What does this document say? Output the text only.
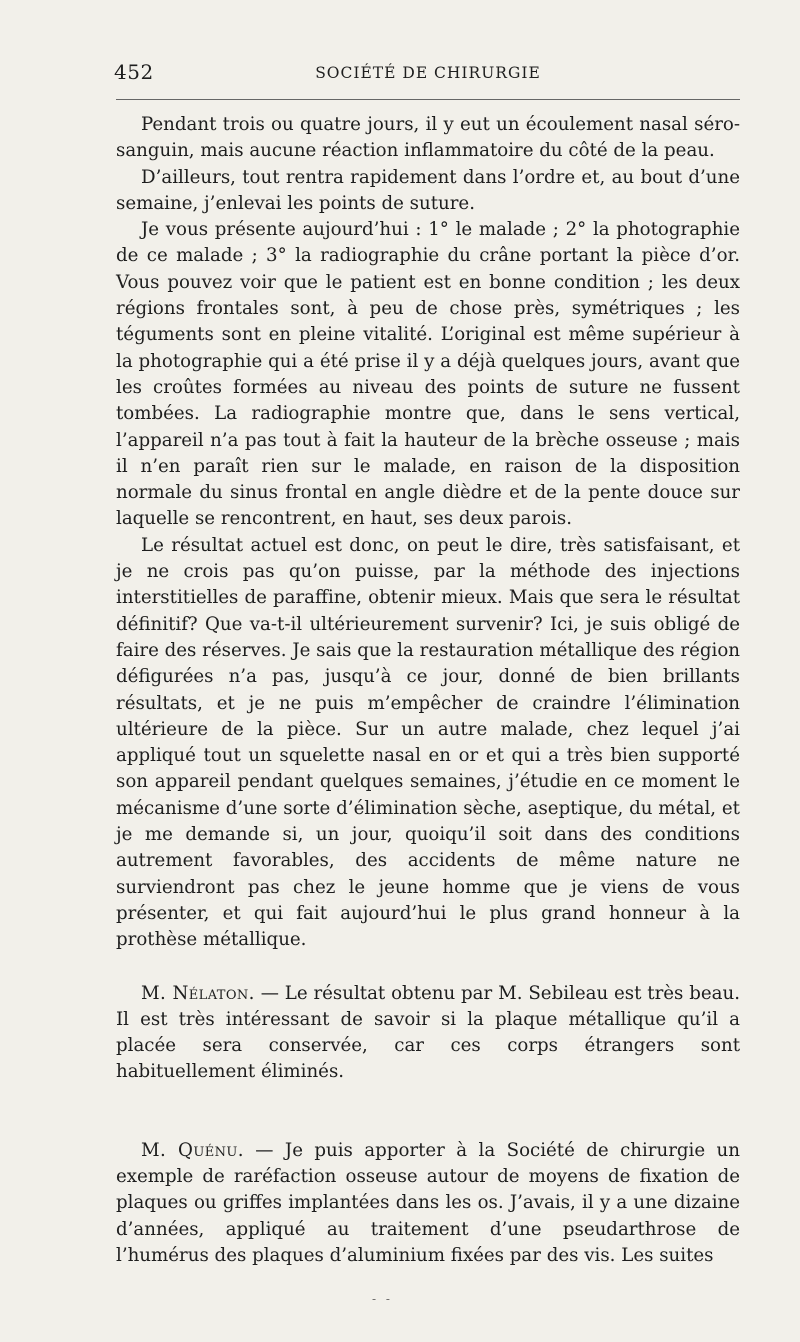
452	SOCIÉTÉ DE CHIRURGIE

Pendant trois ou quatre jours, il y eut un écoulement nasal séro-sanguin, mais aucune réaction inflammatoire du côté de la peau.

D’ailleurs, tout rentra rapidement dans l’ordre et, au bout d’une semaine, j’enlevai les points de suture.

Je vous présente aujourd’hui : 1° le malade ; 2° la photographie de ce malade ; 3° la radiographie du crâne portant la pièce d’or. Vous pouvez voir que le patient est en bonne condition ; les deux régions frontales sont, à peu de chose près, symétriques ; les téguments sont en pleine vitalité. L’original est même supérieur à la photographie qui a été prise il y a déjà quelques jours, avant que les croûtes formées au niveau des points de suture ne fussent tombées. La radiographie montre que, dans le sens vertical, l’appareil n’a pas tout à fait la hauteur de la brèche osseuse ; mais il n’en paraît rien sur le malade, en raison de la disposition normale du sinus frontal en angle dièdre et de la pente douce sur laquelle se rencontrent, en haut, ses deux parois.

Le résultat actuel est donc, on peut le dire, très satisfaisant, et je ne crois pas qu’on puisse, par la méthode des injections interstitielles de paraffine, obtenir mieux. Mais que sera le résultat définitif? Que va-t-il ultérieurement survenir? Ici, je suis obligé de faire des réserves. Je sais que la restauration métallique des région défigurées n’a pas, jusqu’à ce jour, donné de bien brillants résultats, et je ne puis m’empêcher de craindre l’élimination ultérieure de la pièce. Sur un autre malade, chez lequel j’ai appliqué tout un squelette nasal en or et qui a très bien supporté son appareil pendant quelques semaines, j’étudie en ce moment le mécanisme d’une sorte d’élimination sèche, aseptique, du métal, et je me demande si, un jour, quoiqu’il soit dans des conditions autrement favorables, des accidents de même nature ne surviendront pas chez le jeune homme que je viens de vous présenter, et qui fait aujourd’hui le plus grand honneur à la prothèse métallique.

M. Nélaton. — Le résultat obtenu par M. Sebileau est très beau. Il est très intéressant de savoir si la plaque métallique qu’il a placée sera conservée, car ces corps étrangers sont habituellement éliminés.

M. Quénu. — Je puis apporter à la Société de chirurgie un exemple de raréfaction osseuse autour de moyens de fixation de plaques ou griffes implantées dans les os. J’avais, il y a une dizaine d’années, appliqué au traitement d’une pseudarthrose de l’humérus des plaques d’aluminium fixées par des vis. Les suites

- -
